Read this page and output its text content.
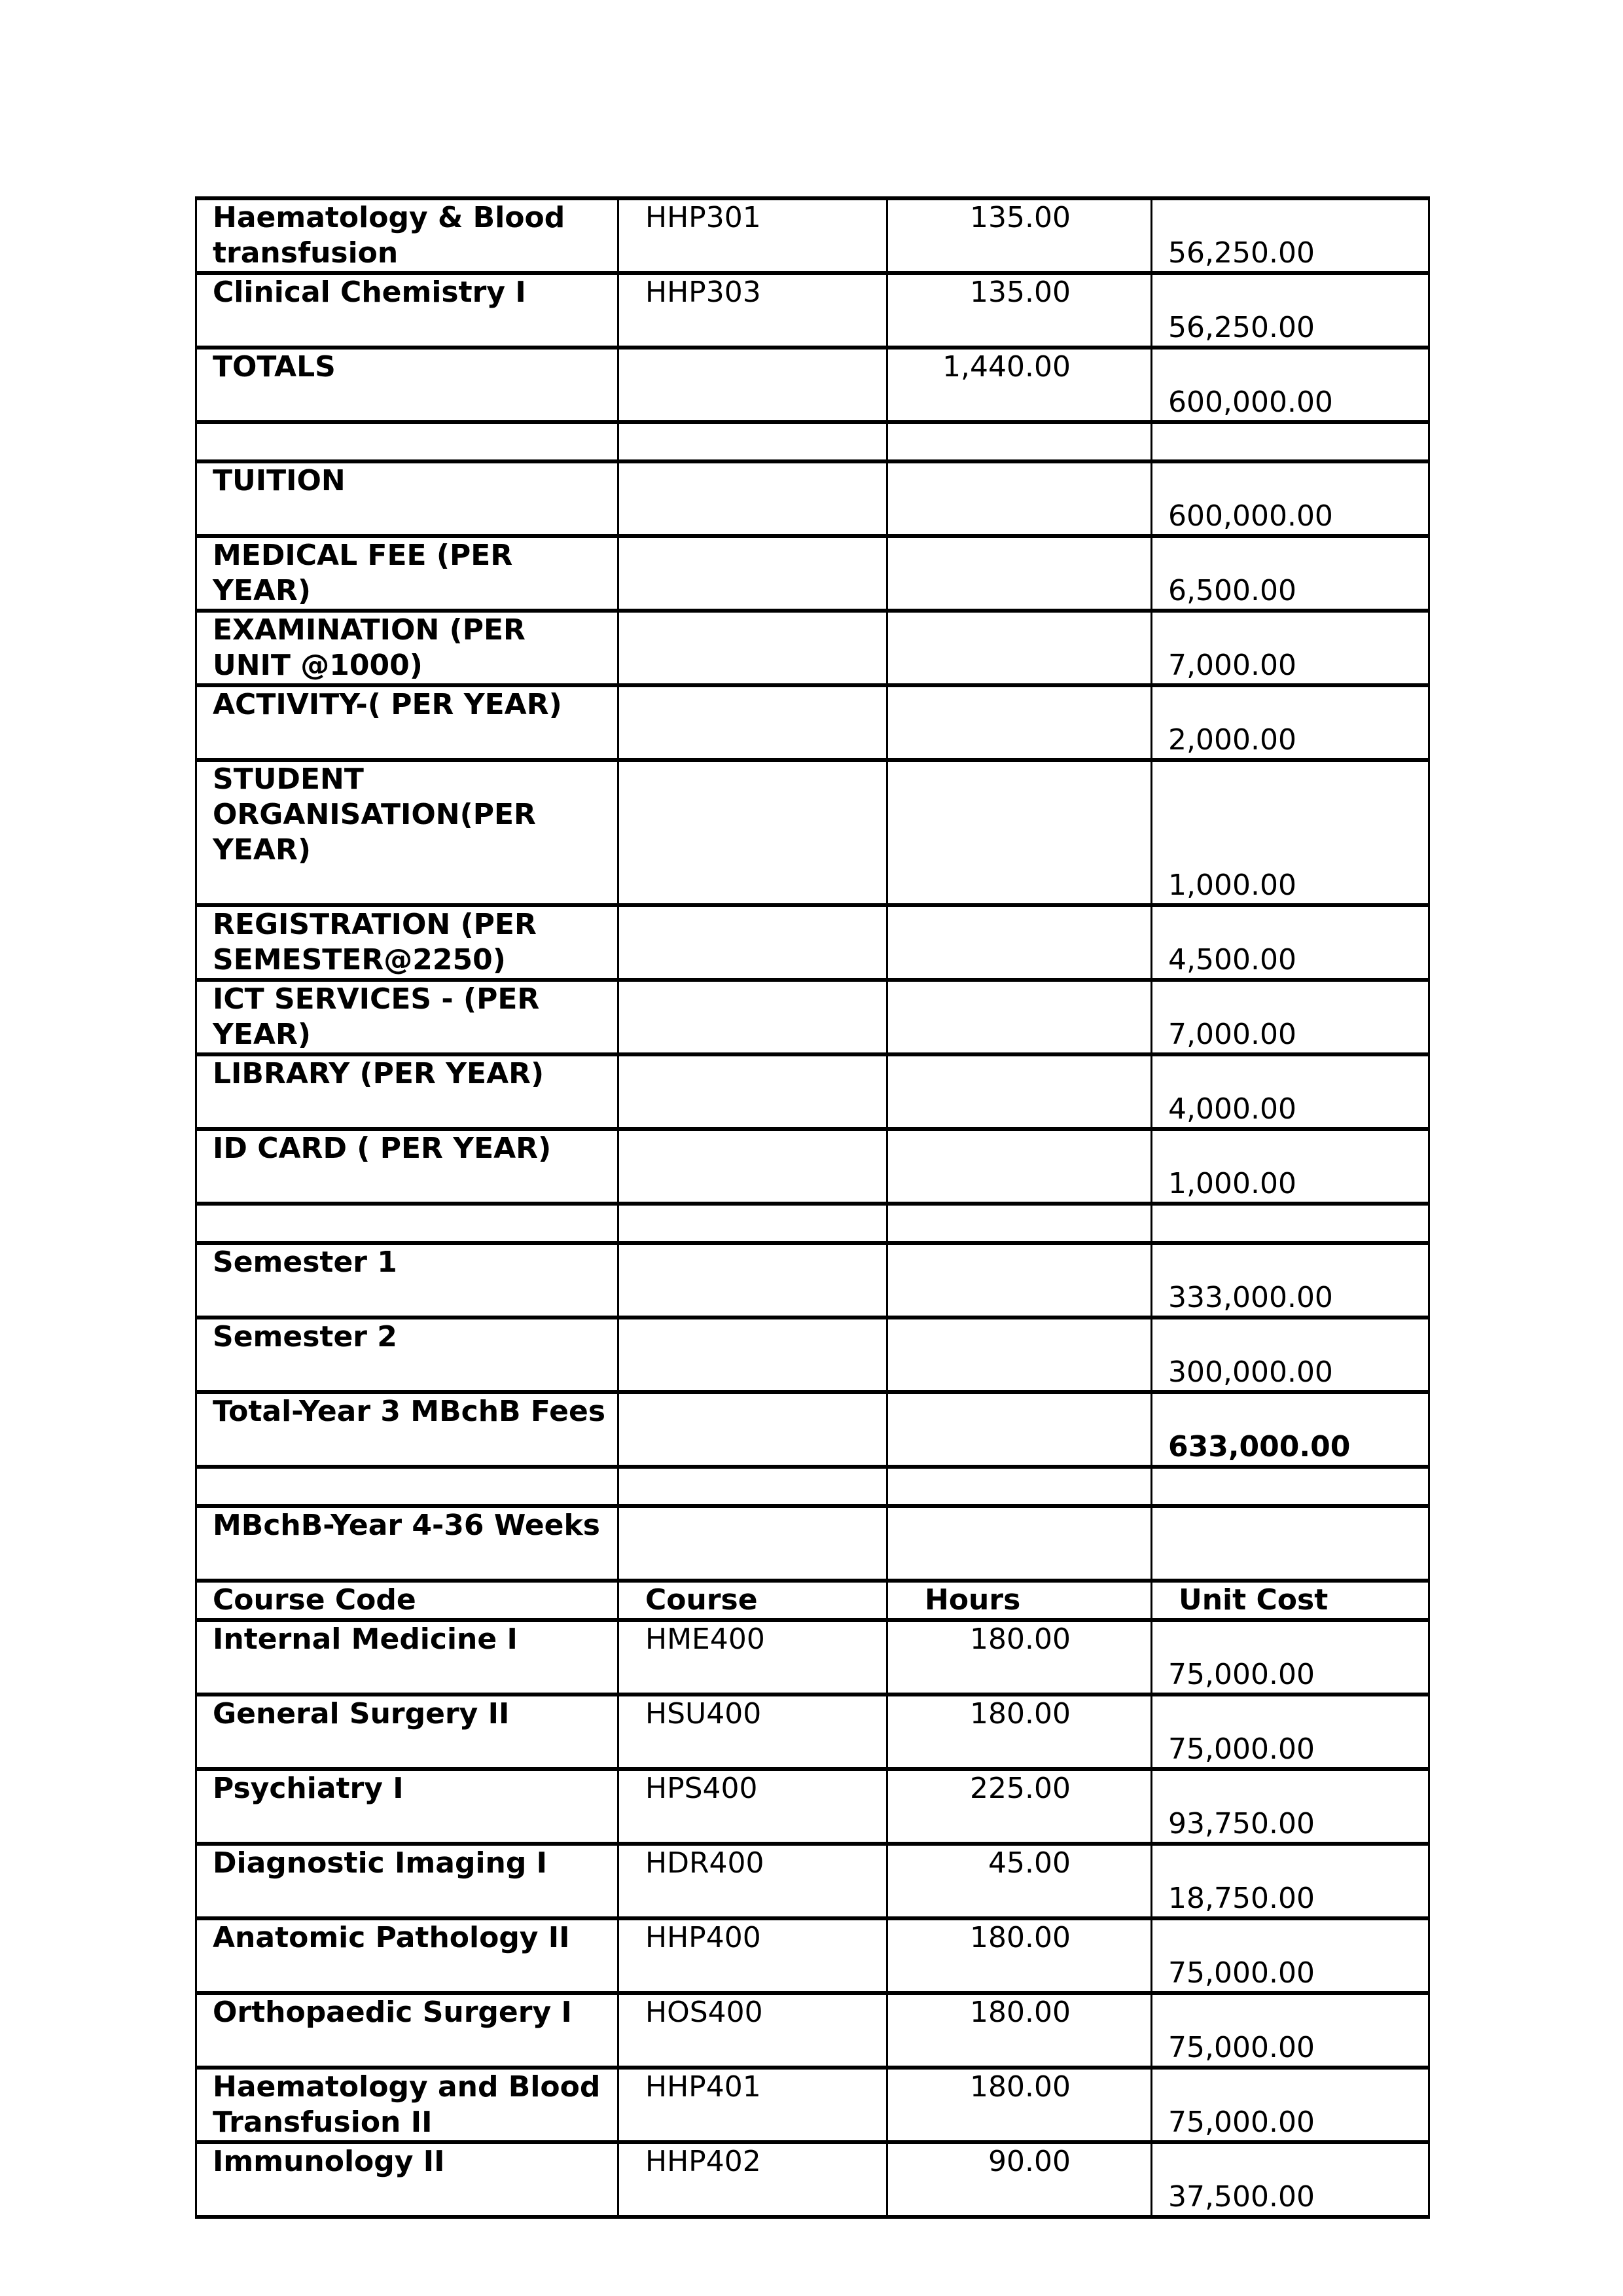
Haematology & Blood transfusion	HHP301	135.00	56,250.00
Clinical Chemistry I	HHP303	135.00	56,250.00
TOTALS		1,440.00	600,000.00

TUITION			600,000.00
MEDICAL FEE (PER YEAR)			6,500.00
EXAMINATION (PER UNIT @1000)			7,000.00
ACTIVITY-( PER YEAR)			2,000.00
STUDENT ORGANISATION(PER YEAR)			1,000.00
REGISTRATION (PER SEMESTER@2250)			4,500.00
ICT SERVICES - (PER YEAR)			7,000.00
LIBRARY (PER YEAR)			4,000.00
ID CARD ( PER YEAR)			1,000.00

Semester 1			333,000.00
Semester 2			300,000.00
Total-Year 3 MBchB Fees			633,000.00

MBchB-Year 4-36 Weeks			
Course Code	Course	Hours	Unit Cost
Internal Medicine I	HME400	180.00	75,000.00
General Surgery II	HSU400	180.00	75,000.00
Psychiatry I	HPS400	225.00	93,750.00
Diagnostic Imaging I	HDR400	45.00	18,750.00
Anatomic Pathology II	HHP400	180.00	75,000.00
Orthopaedic Surgery I	HOS400	180.00	75,000.00
Haematology and Blood Transfusion II	HHP401	180.00	75,000.00
Immunology II	HHP402	90.00	37,500.00
